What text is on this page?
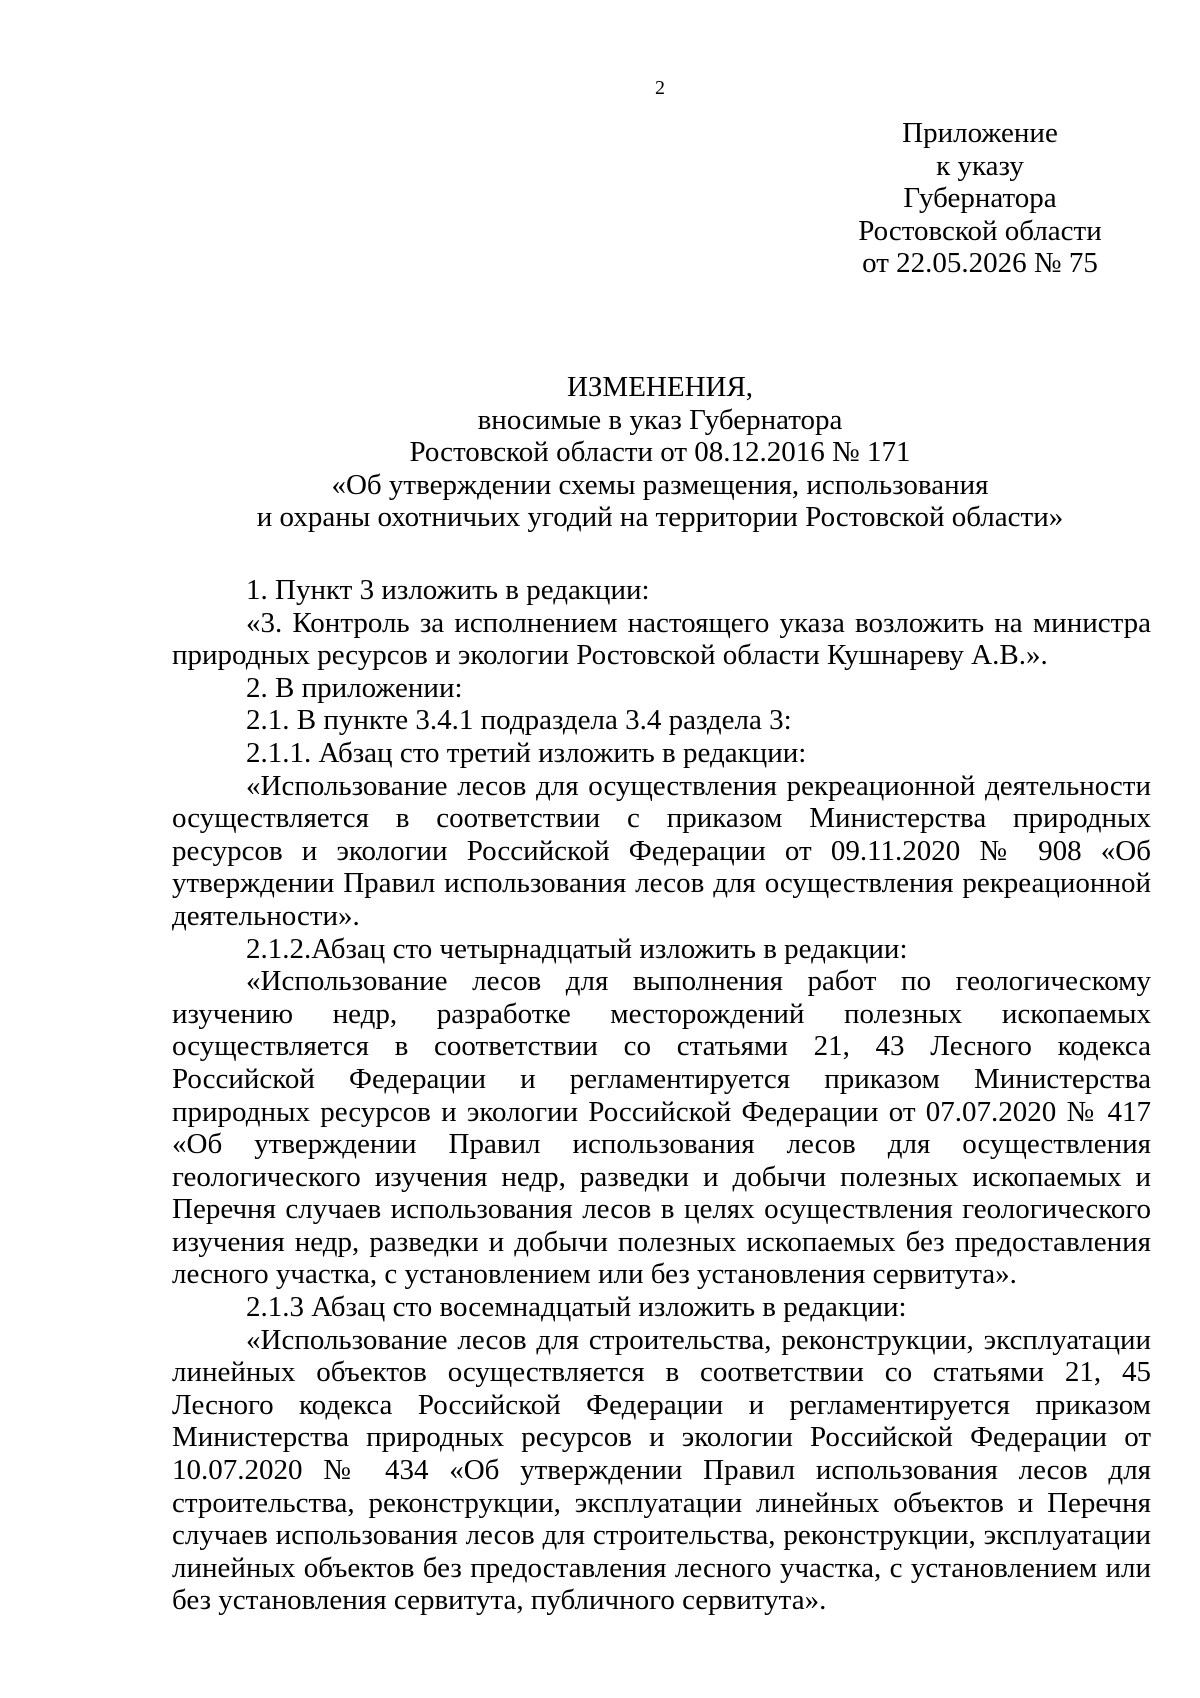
2
Приложение
к указу
Губернатора
Ростовской области
от 22.05.2026 № 75
ИЗМЕНЕНИЯ,
вносимые в указ Губернатора
Ростовской области от 08.12.2016 № 171
«Об утверждении схемы размещения, использования
и охраны охотничьих угодий на территории Ростовской области»

1. Пункт 3 изложить в редакции:

«3. Контроль за исполнением настоящего указа возложить на министра природных ресурсов и экологии Ростовской области Кушнареву А.В.».

2. В приложении:

2.1. В пункте 3.4.1 подраздела 3.4 раздела 3:

2.1.1. Абзац сто третий изложить в редакции:

«Использование лесов для осуществления рекреационной деятельности осуществляется в соответствии с приказом Министерства природных ресурсов и экологии Российской Федерации от 09.11.2020 № 908 «Об утверждении Правил использования лесов для осуществления рекреационной деятельности».

2.1.2.Абзац сто четырнадцатый изложить в редакции:

«Использование лесов для выполнения работ по геологическому изучению недр, разработке месторождений полезных ископаемых осуществляется в соответствии со статьями 21, 43 Лесного кодекса Российской Федерации и регламентируется приказом Министерства природных ресурсов и экологии Российской Федерации от 07.07.2020 № 417 «Об утверждении Правил использования лесов для осуществления геологического изучения недр, разведки и добычи полезных ископаемых и Перечня случаев использования лесов в целях осуществления геологического изучения недр, разведки и добычи полезных ископаемых без предоставления лесного участка, с установлением или без установления сервитута».

2.1.3 Абзац сто восемнадцатый изложить в редакции:

«Использование лесов для строительства, реконструкции, эксплуатации линейных объектов осуществляется в соответствии со статьями 21, 45 Лесного кодекса Российской Федерации и регламентируется приказом Министерства природных ресурсов и экологии Российской Федерации от 10.07.2020 № 434 «Об утверждении Правил использования лесов для строительства, реконструкции, эксплуатации линейных объектов и Перечня случаев использования лесов для строительства, реконструкции, эксплуатации линейных объектов без предоставления лесного участка, с установлением или без установления сервитута, публичного сервитута».
